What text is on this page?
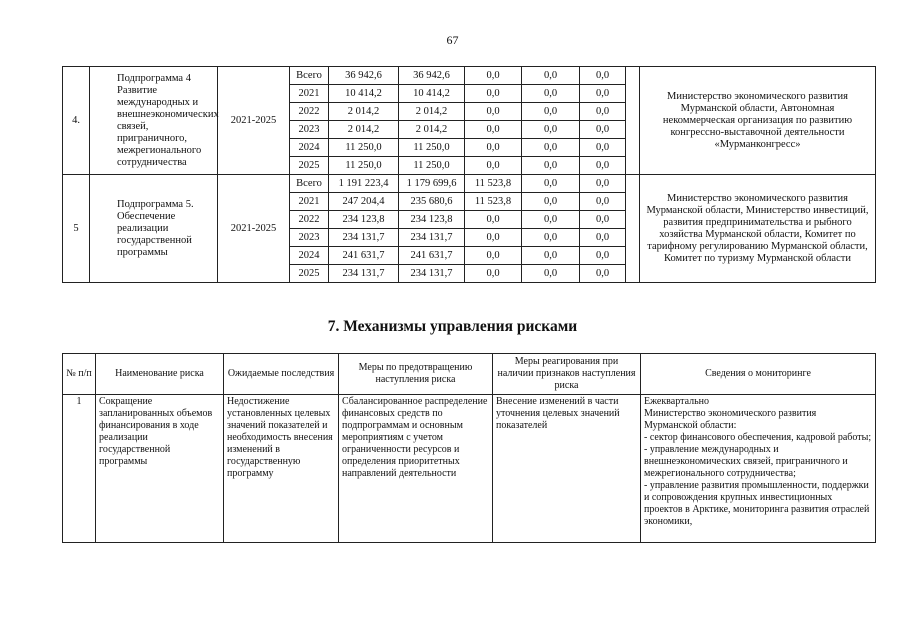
67
4.	Подпрограмма 4 Развитие международных и внешнеэкономических связей, приграничного, межрегионального сотрудничества	2021-2025	Всего	36 942,6	36 942,6	0,0	0,0	0,0		Министерство экономического развития Мурманской области, Автономная некоммерческая организация по развитию конгрессно-выставочной деятельности «Мурманконгресс»
			2021	10 414,2	10 414,2	0,0	0,0	0,0		
			2022	2 014,2	2 014,2	0,0	0,0	0,0		
			2023	2 014,2	2 014,2	0,0	0,0	0,0		
			2024	11 250,0	11 250,0	0,0	0,0	0,0		
			2025	11 250,0	11 250,0	0,0	0,0	0,0		
5	Подпрограмма 5. Обеспечение реализации государственной программы	2021-2025	Всего	1 191 223,4	1 179 699,6	11 523,8	0,0	0,0		Министерство экономического развития Мурманской области, Министерство инвестиций, развития предпринимательства и рыбного хозяйства Мурманской области, Комитет по тарифному регулированию Мурманской области, Комитет по туризму Мурманской области
			2021	247 204,4	235 680,6	11 523,8	0,0	0,0		
			2022	234 123,8	234 123,8	0,0	0,0	0,0		
			2023	234 131,7	234 131,7	0,0	0,0	0,0		
			2024	241 631,7	241 631,7	0,0	0,0	0,0		
			2025	234 131,7	234 131,7	0,0	0,0	0,0		
7. Механизмы управления рисками
№ п/п	Наименование риска	Ожидаемые последствия	Меры по предотвращению наступления риска	Меры реагирования при наличии признаков наступления риска	Сведения о мониторинге
1	Сокращение запланированных объемов финансирования в ходе реализации государственной программы	Недостижение установленных целевых значений показателей и необходимость внесения изменений в государственную программу	Сбалансированное распределение финансовых средств по подпрограммам и основным мероприятиям с учетом ограниченности ресурсов и определения приоритетных направлений деятельности	Внесение изменений в части уточнения целевых значений показателей	Ежеквартально
Министерство экономического развития Мурманской области:
- сектор финансового обеспечения, кадровой работы;
- управление международных и внешнеэкономических связей, приграничного и межрегионального сотрудничества;
- управление развития промышленности, поддержки и сопровождения крупных инвестиционных проектов в Арктике, мониторинга развития отраслей экономики,
